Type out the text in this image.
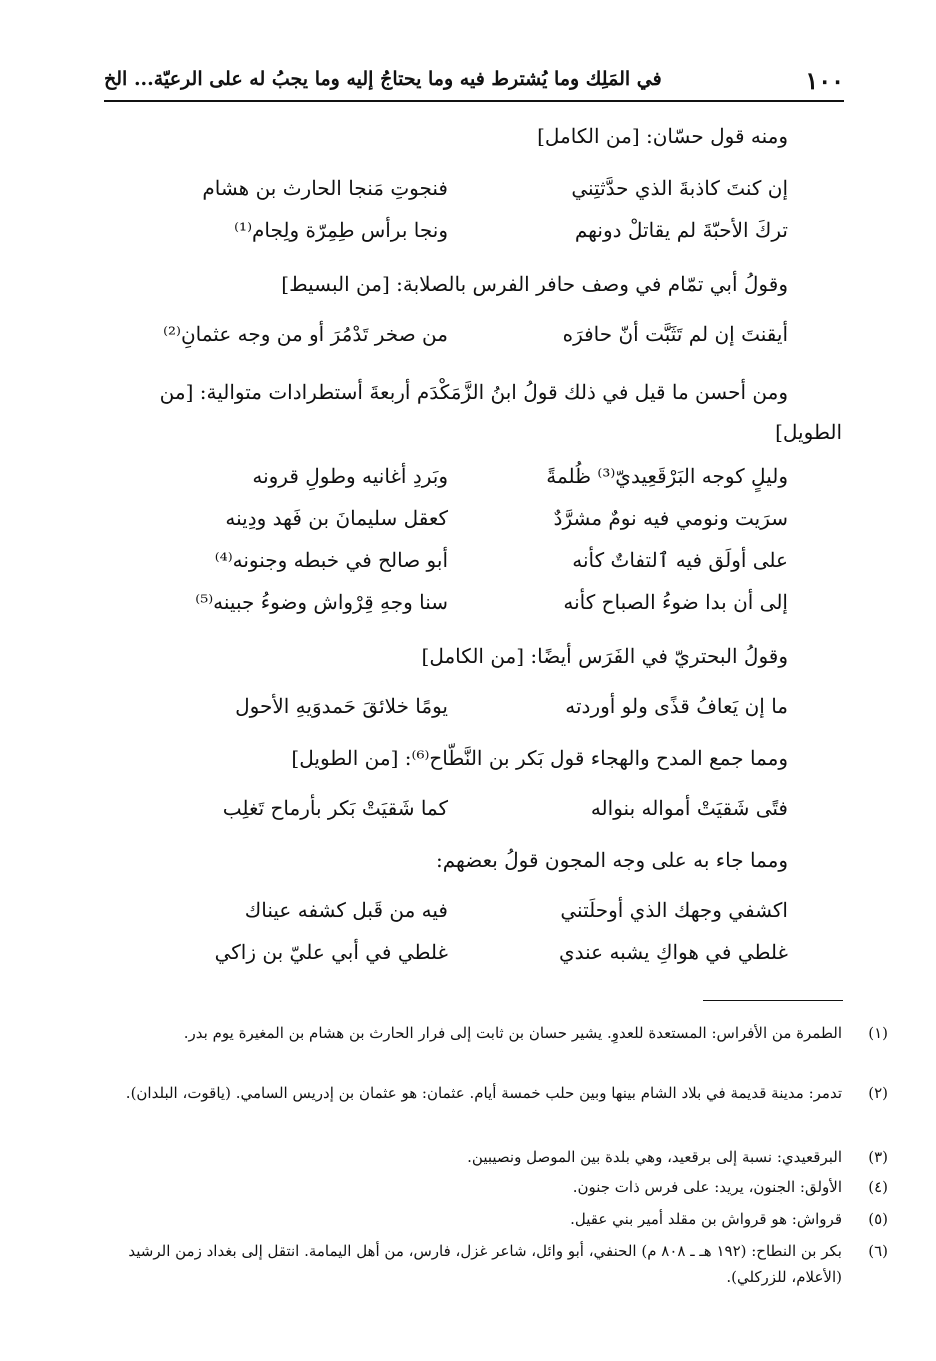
١٠٠
في المَلِك وما يُشترط فيه وما يحتاجُ إليه وما يجبُ له على الرعيّة... الخ
ومنه قول حسّان: [من الكامل]
إن كنتَ كاذبةَ الذي حدَّثتِني
فنجوتِ مَنجا الحارث بن هشام
تركَ الأحبّةَ لم يقاتلْ دونهم
ونجا برأس طِمِرّة ولِجام⁽¹⁾
وقولُ أبي تمّام في وصف حافر الفرس بالصلابة: [من البسيط]
أيقنتَ إن لم تَثَبَّت أنّ حافرَه
من صخر تَدْمُرَ أو من وجه عثمانِ⁽²⁾
ومن أحسن ما قيل في ذلك قولُ ابنُ الزَّمَكْدَم أربعةَ أستطرادات متوالية: [من
الطويل]
وليلٍ كوجه البَرْقَعِيديّ⁽³⁾ ظُلمةً
وبَردِ أغانيه وطولِ قرونه
سرَيت ونومي فيه نومٌ مشرَّدٌ
كعقل سليمانَ بن فَهد ودِينه
على أولَق فيه ٱلتفاتٌ كأنه
أبو صالح في خبطه وجنونه⁽⁴⁾
إلى أن بدا ضوءُ الصباح كأنه
سنا وجهِ قِرْواش وضوءُ جبينه⁽⁵⁾
وقولُ البحتريّ في الفَرَس أيضًا: [من الكامل]
ما إن يَعافُ قذًى ولو أوردته
يومًا خلائقَ حَمدوَيهِ الأحول
ومما جمع المدح والهجاء قول بَكر بن النَّطّاح⁽⁶⁾: [من الطويل]
فتًى شَقيَتْ أمواله بنواله
كما شَقيَتْ بَكر بأرماح تَغلِب
ومما جاء به على وجه المجون قولُ بعضهم:
اكشفي وجهك الذي أوحلَتني
فيه من قَبل كشفه عيناك
غلطي في هواكِ يشبه عندي
غلطي في أبي عليّ بن زاكي
(١)
الطمرة من الأفراس: المستعدة للعدوِ. يشير حسان بن ثابت إلى فرار الحارث بن هشام بن المغيرة يوم بدر.
(٢)
تدمر: مدينة قديمة في بلاد الشام بينها وبين حلب خمسة أيام. عثمان: هو عثمان بن إدريس السامي. (ياقوت، البلدان).
(٣)
البرقعيدي: نسبة إلى برقعيد، وهي بلدة بين الموصل ونصيبين.
(٤)
الأولق: الجنون، يريد: على فرس ذات جنون.
(٥)
قرواش: هو قرواش بن مقلد أمير بني عقيل.
(٦)
بكر بن النطاح: (١٩٢ هـ ـ ٨٠٨ م) الحنفي، أبو وائل، شاعر غزل، فارس، من أهل اليمامة. انتقل إلى بغداد زمن الرشيد (الأعلام، للزركلي).
